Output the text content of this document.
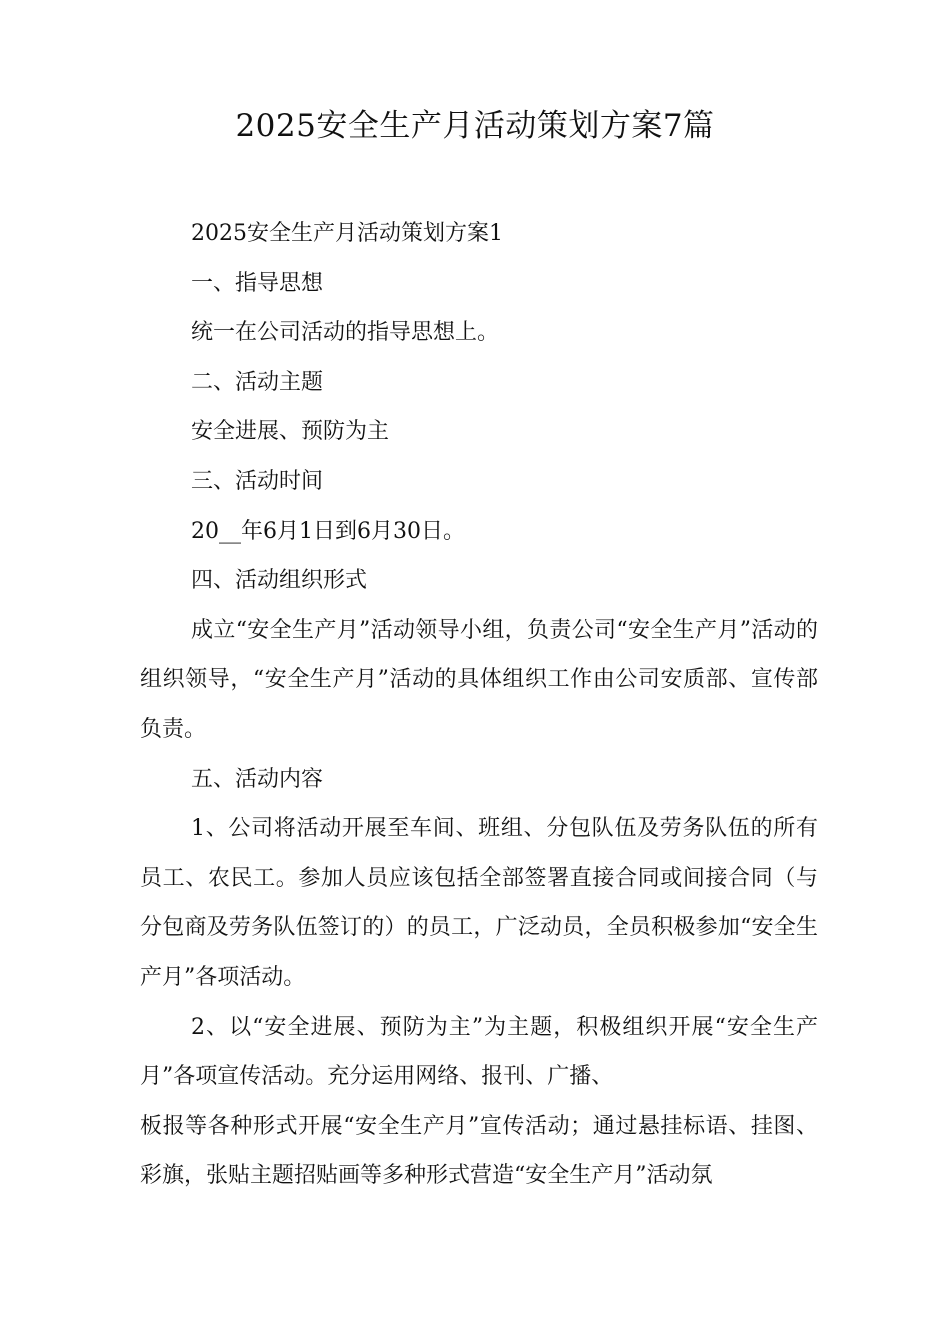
2025安全生产月活动策划方案7篇

2025安全生产月活动策划方案1

一、指导思想

统一在公司活动的指导思想上。

二、活动主题

安全进展、预防为主

三、活动时间

20__年6月1日到6月30日。

四、活动组织形式

成立“安全生产月”活动领导小组，负责公司“安全生产月”活动的组织领导，“安全生产月”活动的具体组织工作由公司安质部、宣传部负责。

五、活动内容

1、公司将活动开展至车间、班组、分包队伍及劳务队伍的所有员工、农民工。参加人员应该包括全部签署直接合同或间接合同（与分包商及劳务队伍签订的）的员工，广泛动员，全员积极参加“安全生产月”各项活动。

2、以“安全进展、预防为主”为主题，积极组织开展“安全生产月”各项宣传活动。充分运用网络、报刊、广播、

板报等各种形式开展“安全生产月”宣传活动；通过悬挂标语、挂图、彩旗，张贴主题招贴画等多种形式营造“安全生产月”活动氛
